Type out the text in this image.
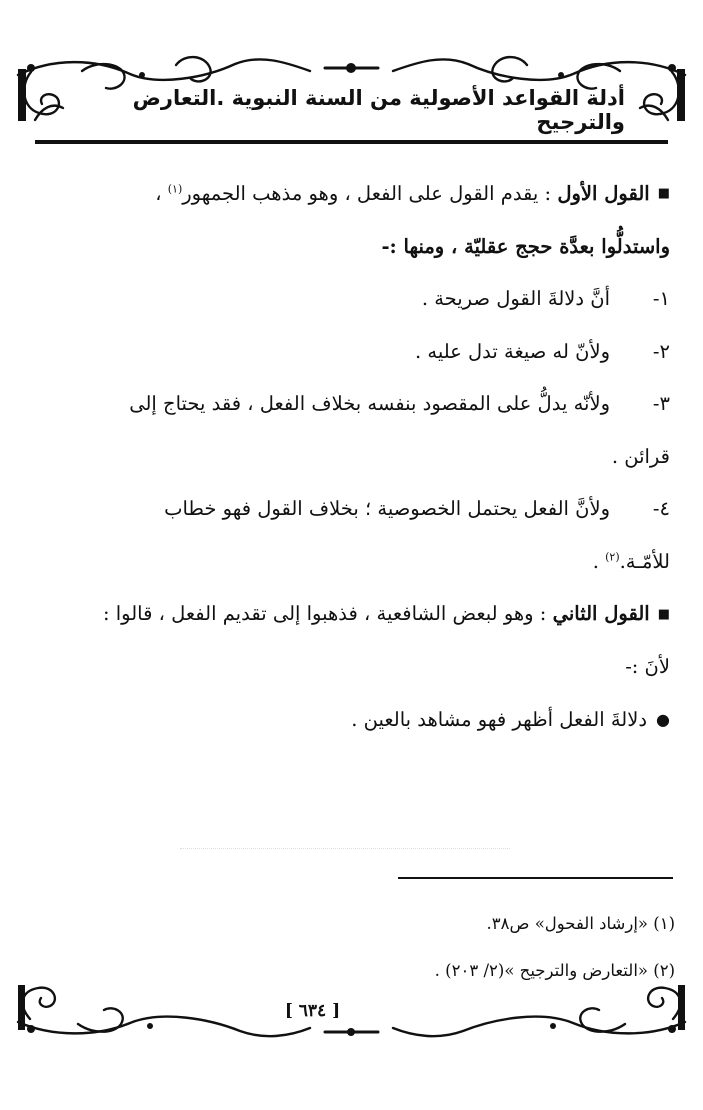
أدلة القواعد الأصولية من السنة النبوية .التعارض والترجيح
■القول الأول : يقدم القول على الفعل ، وهو مذهب الجمهور$^{(١)}$ ،
واستدلُّوا بعدَّة حجج عقليّة ، ومنها :-
١-أنَّ دلالةَ القول صريحة .
٢-ولأنّ له صيغة تدل عليه .
٣-ولأنّه يدلُّ على المقصود بنفسه بخلاف الفعل ، فقد يحتاج إلى
قرائن .
٤-ولأنَّ الفعل يحتمل الخصوصية ؛ بخلاف القول فهو خطاب
للأمّـة.$^{(٢)}$ .
■القول الثاني : وهو لبعض الشافعية ، فذهبوا إلى تقديم الفعل ، قالوا :
لأنَ :-
●دلالةَ الفعل أظهر فهو مشاهد بالعين .
(١) «إرشاد الفحول» ص٣٨.
(٢) «التعارض والترجيح »(٢/ ٢٠٣) .
[ ٦٣٤ ]
